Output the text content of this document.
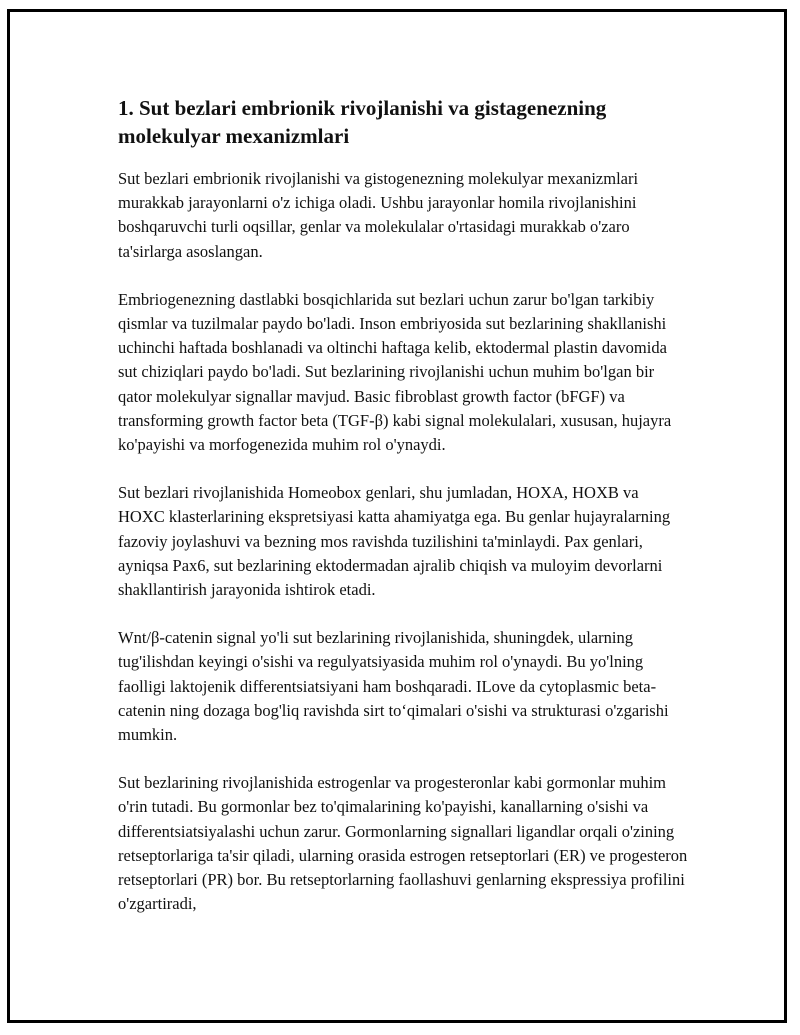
1. Sut bezlari embrionik rivojlanishi va gistagenezning molekulyar mexanizmlari

Sut bezlari embrionik rivojlanishi va gistogenezning molekulyar mexanizmlari murakkab jarayonlarni o'z ichiga oladi. Ushbu jarayonlar homila rivojlanishini boshqaruvchi turli oqsillar, genlar va molekulalar o'rtasidagi murakkab o'zaro ta'sirlarga asoslangan.

Embriogenezning dastlabki bosqichlarida sut bezlari uchun zarur bo'lgan tarkibiy qismlar va tuzilmalar paydo bo'ladi. Inson embriyosida sut bezlarining shakllanishi uchinchi haftada boshlanadi va oltinchi haftaga kelib, ektodermal plastin davomida sut chiziqlari paydo bo'ladi. Sut bezlarining rivojlanishi uchun muhim bo'lgan bir qator molekulyar signallar mavjud. Basic fibroblast growth factor (bFGF) va transforming growth factor beta (TGF-β) kabi signal molekulalari, xususan, hujayra ko'payishi va morfogenezida muhim rol o'ynaydi.

Sut bezlari rivojlanishida Homeobox genlari, shu jumladan, HOXA, HOXB va HOXC klasterlarining ekspretsiyasi katta ahamiyatga ega. Bu genlar hujayralarning fazoviy joylashuvi va bezning mos ravishda tuzilishini ta'minlaydi. Pax genlari, ayniqsa Pax6, sut bezlarining ektodermadan ajralib chiqish va muloyim devorlarni shakllantirish jarayonida ishtirok etadi.

Wnt/β-catenin signal yo'li sut bezlarining rivojlanishida, shuningdek, ularning tug'ilishdan keyingi o'sishi va regulyatsiyasida muhim rol o'ynaydi. Bu yo'lning faolligi laktojenik differentsiatsiyani ham boshqaradi. ILove da cytoplasmic beta-catenin ning dozaga bog'liq ravishda sirt to‘qimalari o'sishi va strukturasi o'zgarishi mumkin.

Sut bezlarining rivojlanishida estrogenlar va progesteronlar kabi gormonlar muhim o'rin tutadi. Bu gormonlar bez to'qimalarining ko'payishi, kanallarning o'sishi va differentsiatsiyalashi uchun zarur. Gormonlarning signallari ligandlar orqali o'zining retseptorlariga ta'sir qiladi, ularning orasida estrogen retseptorlari (ER) ve progesteron retseptorlari (PR) bor. Bu retseptorlarning faollashuvi genlarning ekspressiya profilini o'zgartiradi,
